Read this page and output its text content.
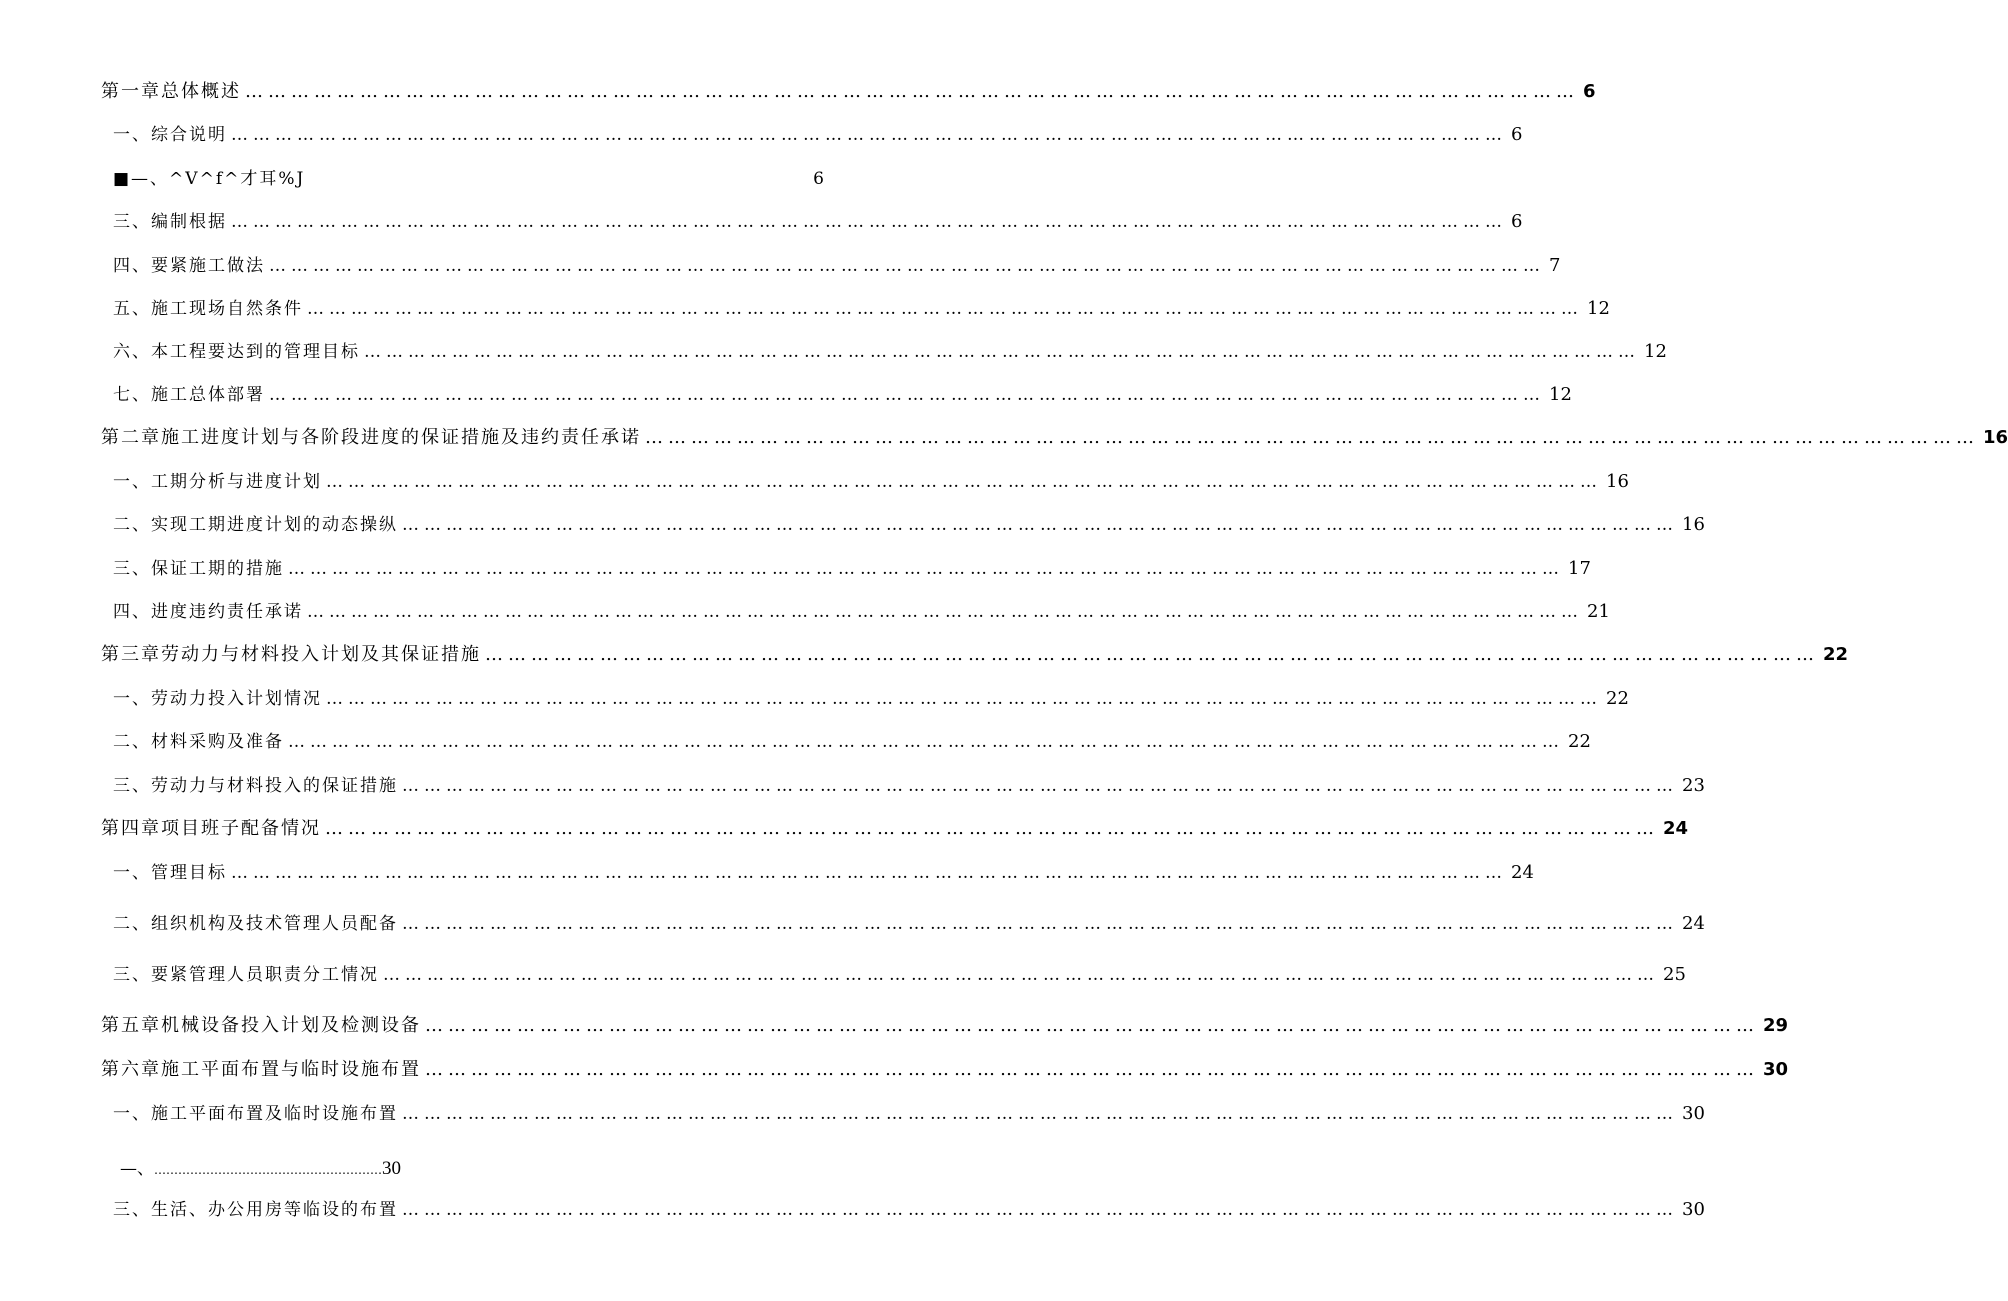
第一章总体概述 ………………………………………………………………………………………………………………………………………………………… 6
一、综合说明 ………………………………………………………………………………………………………………………………………………………… 6
■—、^V^f^才耳%J	6
三、编制根据 ………………………………………………………………………………………………………………………………………………………… 6
四、要紧施工做法 ………………………………………………………………………………………………………………………………………………………… 7
五、施工现场自然条件 ………………………………………………………………………………………………………………………………………………………… 12
六、本工程要达到的管理目标 ………………………………………………………………………………………………………………………………………………………… 12
七、施工总体部署 ………………………………………………………………………………………………………………………………………………………… 12
第二章施工进度计划与各阶段进度的保证措施及违约责任承诺 ………………………………………………………………………………………………………………………………………………………… 16
一、工期分析与进度计划 ………………………………………………………………………………………………………………………………………………………… 16
二、实现工期进度计划的动态操纵 ………………………………………………………………………………………………………………………………………………………… 16
三、保证工期的措施 ………………………………………………………………………………………………………………………………………………………… 17
四、进度违约责任承诺 ………………………………………………………………………………………………………………………………………………………… 21
第三章劳动力与材料投入计划及其保证措施 ………………………………………………………………………………………………………………………………………………………… 22
一、劳动力投入计划情况 ………………………………………………………………………………………………………………………………………………………… 22
二、材料采购及准备 ………………………………………………………………………………………………………………………………………………………… 22
三、劳动力与材料投入的保证措施 ………………………………………………………………………………………………………………………………………………………… 23
第四章项目班子配备情况 ………………………………………………………………………………………………………………………………………………………… 24
一、管理目标 ………………………………………………………………………………………………………………………………………………………… 24
二、组织机构及技术管理人员配备 ………………………………………………………………………………………………………………………………………………………… 24
三、要紧管理人员职责分工情况 ………………………………………………………………………………………………………………………………………………………… 25
第五章机械设备投入计划及检测设备 ………………………………………………………………………………………………………………………………………………………… 29
第六章施工平面布置与临时设施布置 ………………………………………………………………………………………………………………………………………………………… 30
一、施工平面布置及临时设施布置 ………………………………………………………………………………………………………………………………………………………… 30
—、…………………………………………………30
三、生活、办公用房等临设的布置 ………………………………………………………………………………………………………………………………………………………… 30
